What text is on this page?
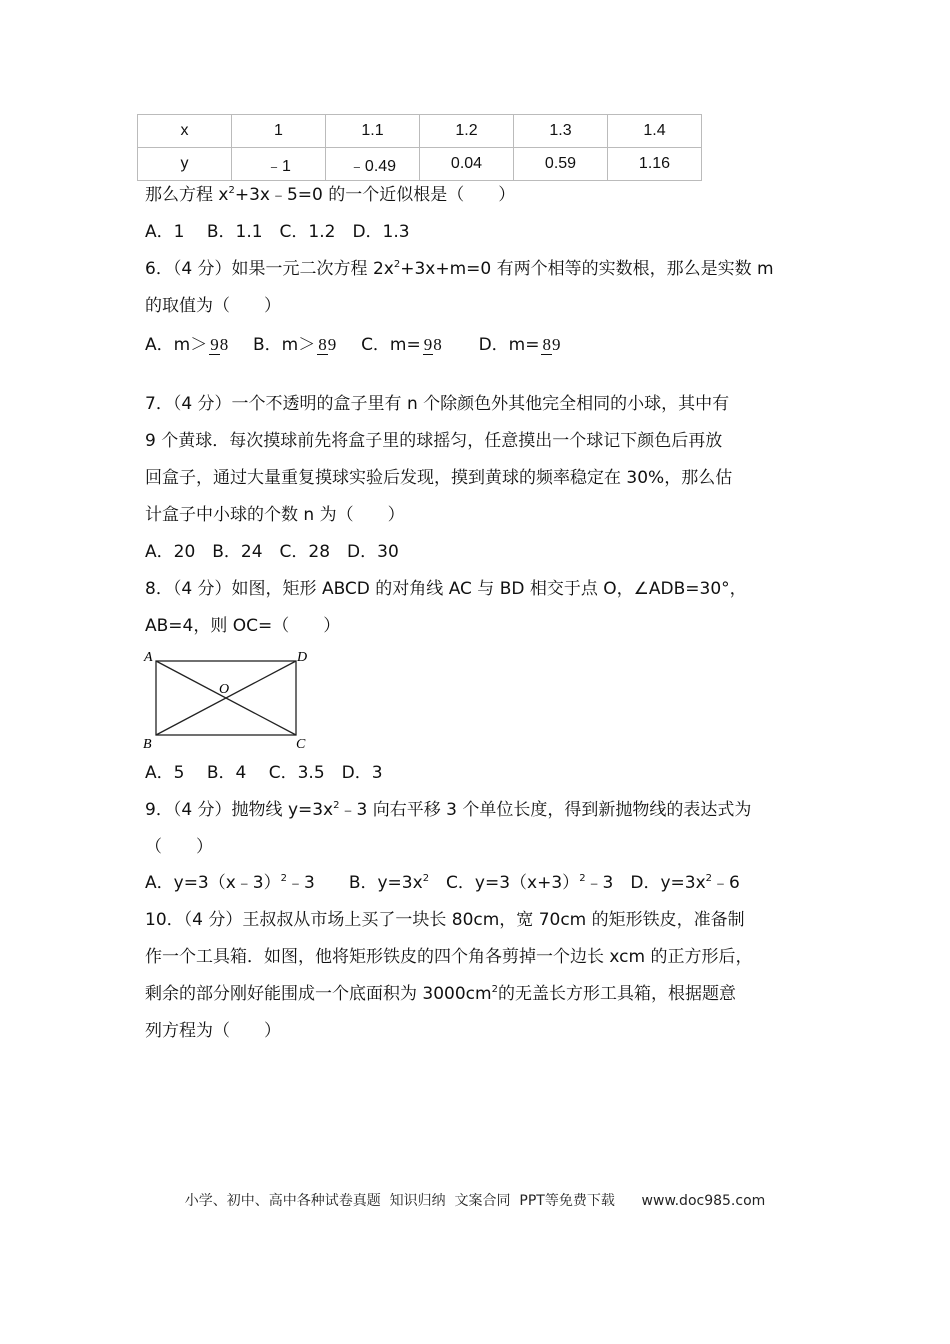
x	1	1.1	1.2	1.3	1.4
y	﹣1	﹣0.49	0.04	0.59	1.16
那么方程 $x^2+3x﹣5=0$ 的一个近似根是（　　）
A．1　 B．1.1　C．1.2　D．1.3
6．（4 分）如果一元二次方程 $2x^2+3x+m=0$ 有两个相等的实数根，那么是实数 m
的取值为（　　）
A．m＞ 98 B．m＞ 89 C．m= 98 D．m= 89
7．（4 分）一个不透明的盒子里有 n 个除颜色外其他完全相同的小球，其中有
9 个黄球．每次摸球前先将盒子里的球摇匀，任意摸出一个球记下颜色后再放
回盒子，通过大量重复摸球实验后发现，摸到黄球的频率稳定在 30%，那么估
计盒子中小球的个数 n 为（　　）
A．20　B．24　C．28　D．30
8．（4 分）如图，矩形 ABCD 的对角线 AC 与 BD 相交于点 O，∠ADB=30°，
AB=4，则 OC=（　　）
A	D
B	C
O
A．5　 B．4　 C．3.5　D．3
9．（4 分）抛物线 $y=3x^2﹣3$ 向右平移 3 个单位长度，得到新抛物线的表达式为
（　　）
A．y=3（x﹣3）$^2$﹣3　　B．$y=3x^2$　C．$y=3(x+3)^2﹣3$　D．$y=3x^2﹣6$
10．（4 分）王叔叔从市场上买了一块长 80cm，宽 70cm 的矩形铁皮，准备制
作一个工具箱．如图，他将矩形铁皮的四个角各剪掉一个边长 xcm 的正方形后，
剩余的部分刚好能围成一个底面积为 $3000cm^2$的无盖长方形工具箱，根据题意
列方程为（　　）
小学、初中、高中各种试卷真题  知识归纳  文案合同  PPT等免费下载      www.doc985.com
